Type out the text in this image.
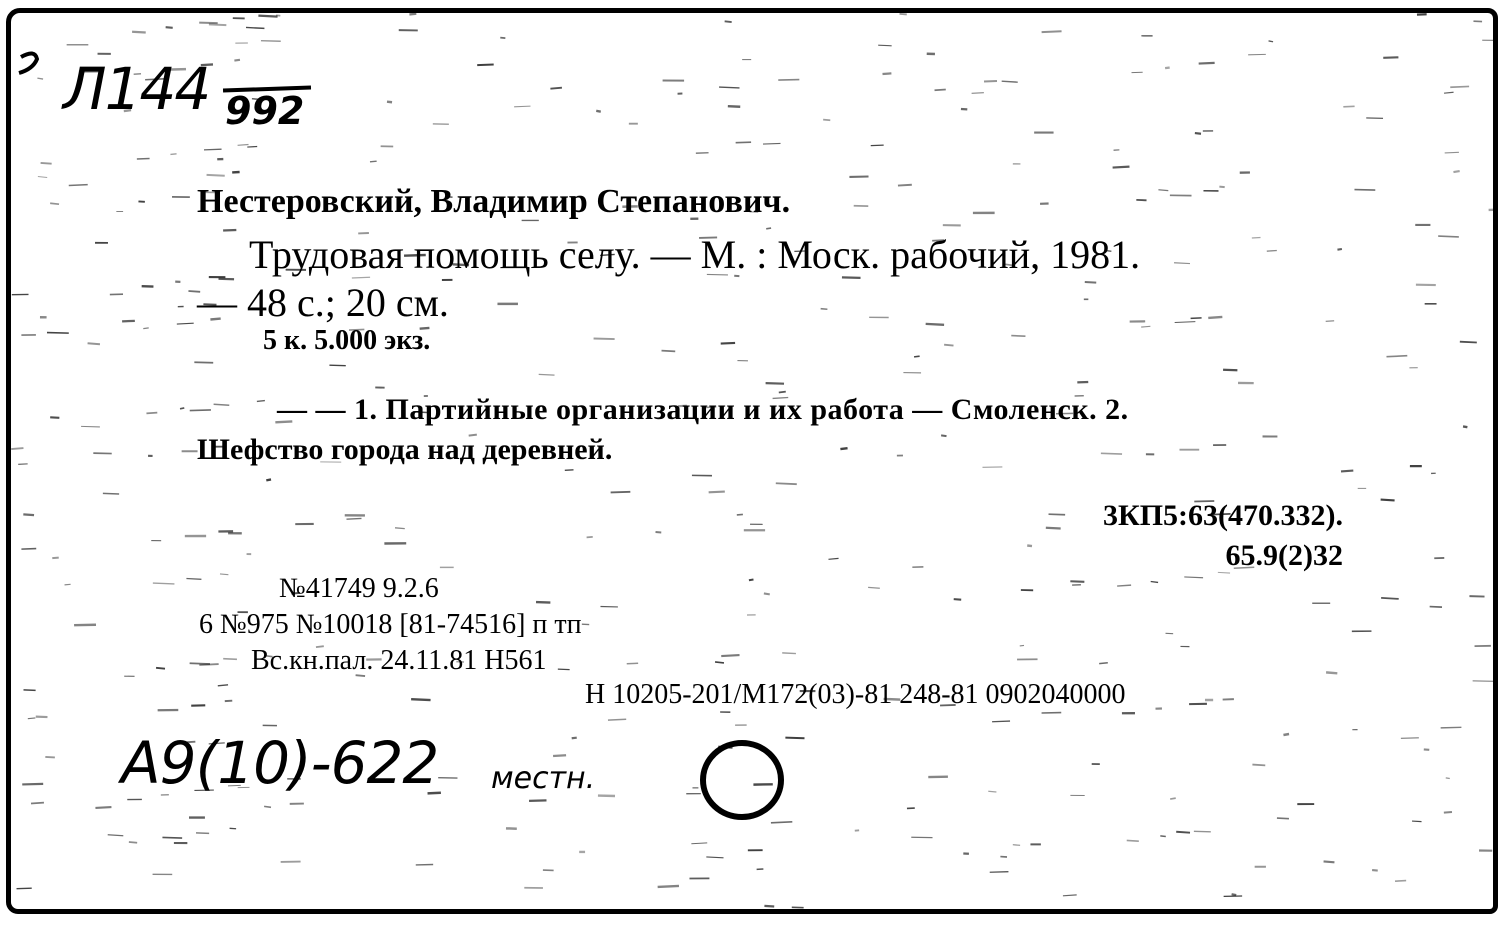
Л144 992
Нестеровский, Владимир Степанович.
Трудовая помощь селу. — М. : Моск. рабочий, 1981.
— 48 с.; 20 см.
5 к. 5.000 экз.
— — 1. Партийные организации и их работа — Смоленск. 2.
Шефство города над деревней.
3КП5:63(470.332).
65.9(2)32
№41749 9.2.6
6 №975 №10018 [81-74516] п тп
Вс.кн.пал. 24.11.81 Н561
Н 10205-201/М172(03)-81 248-81 0902040000
А9(10)-622 местн.
